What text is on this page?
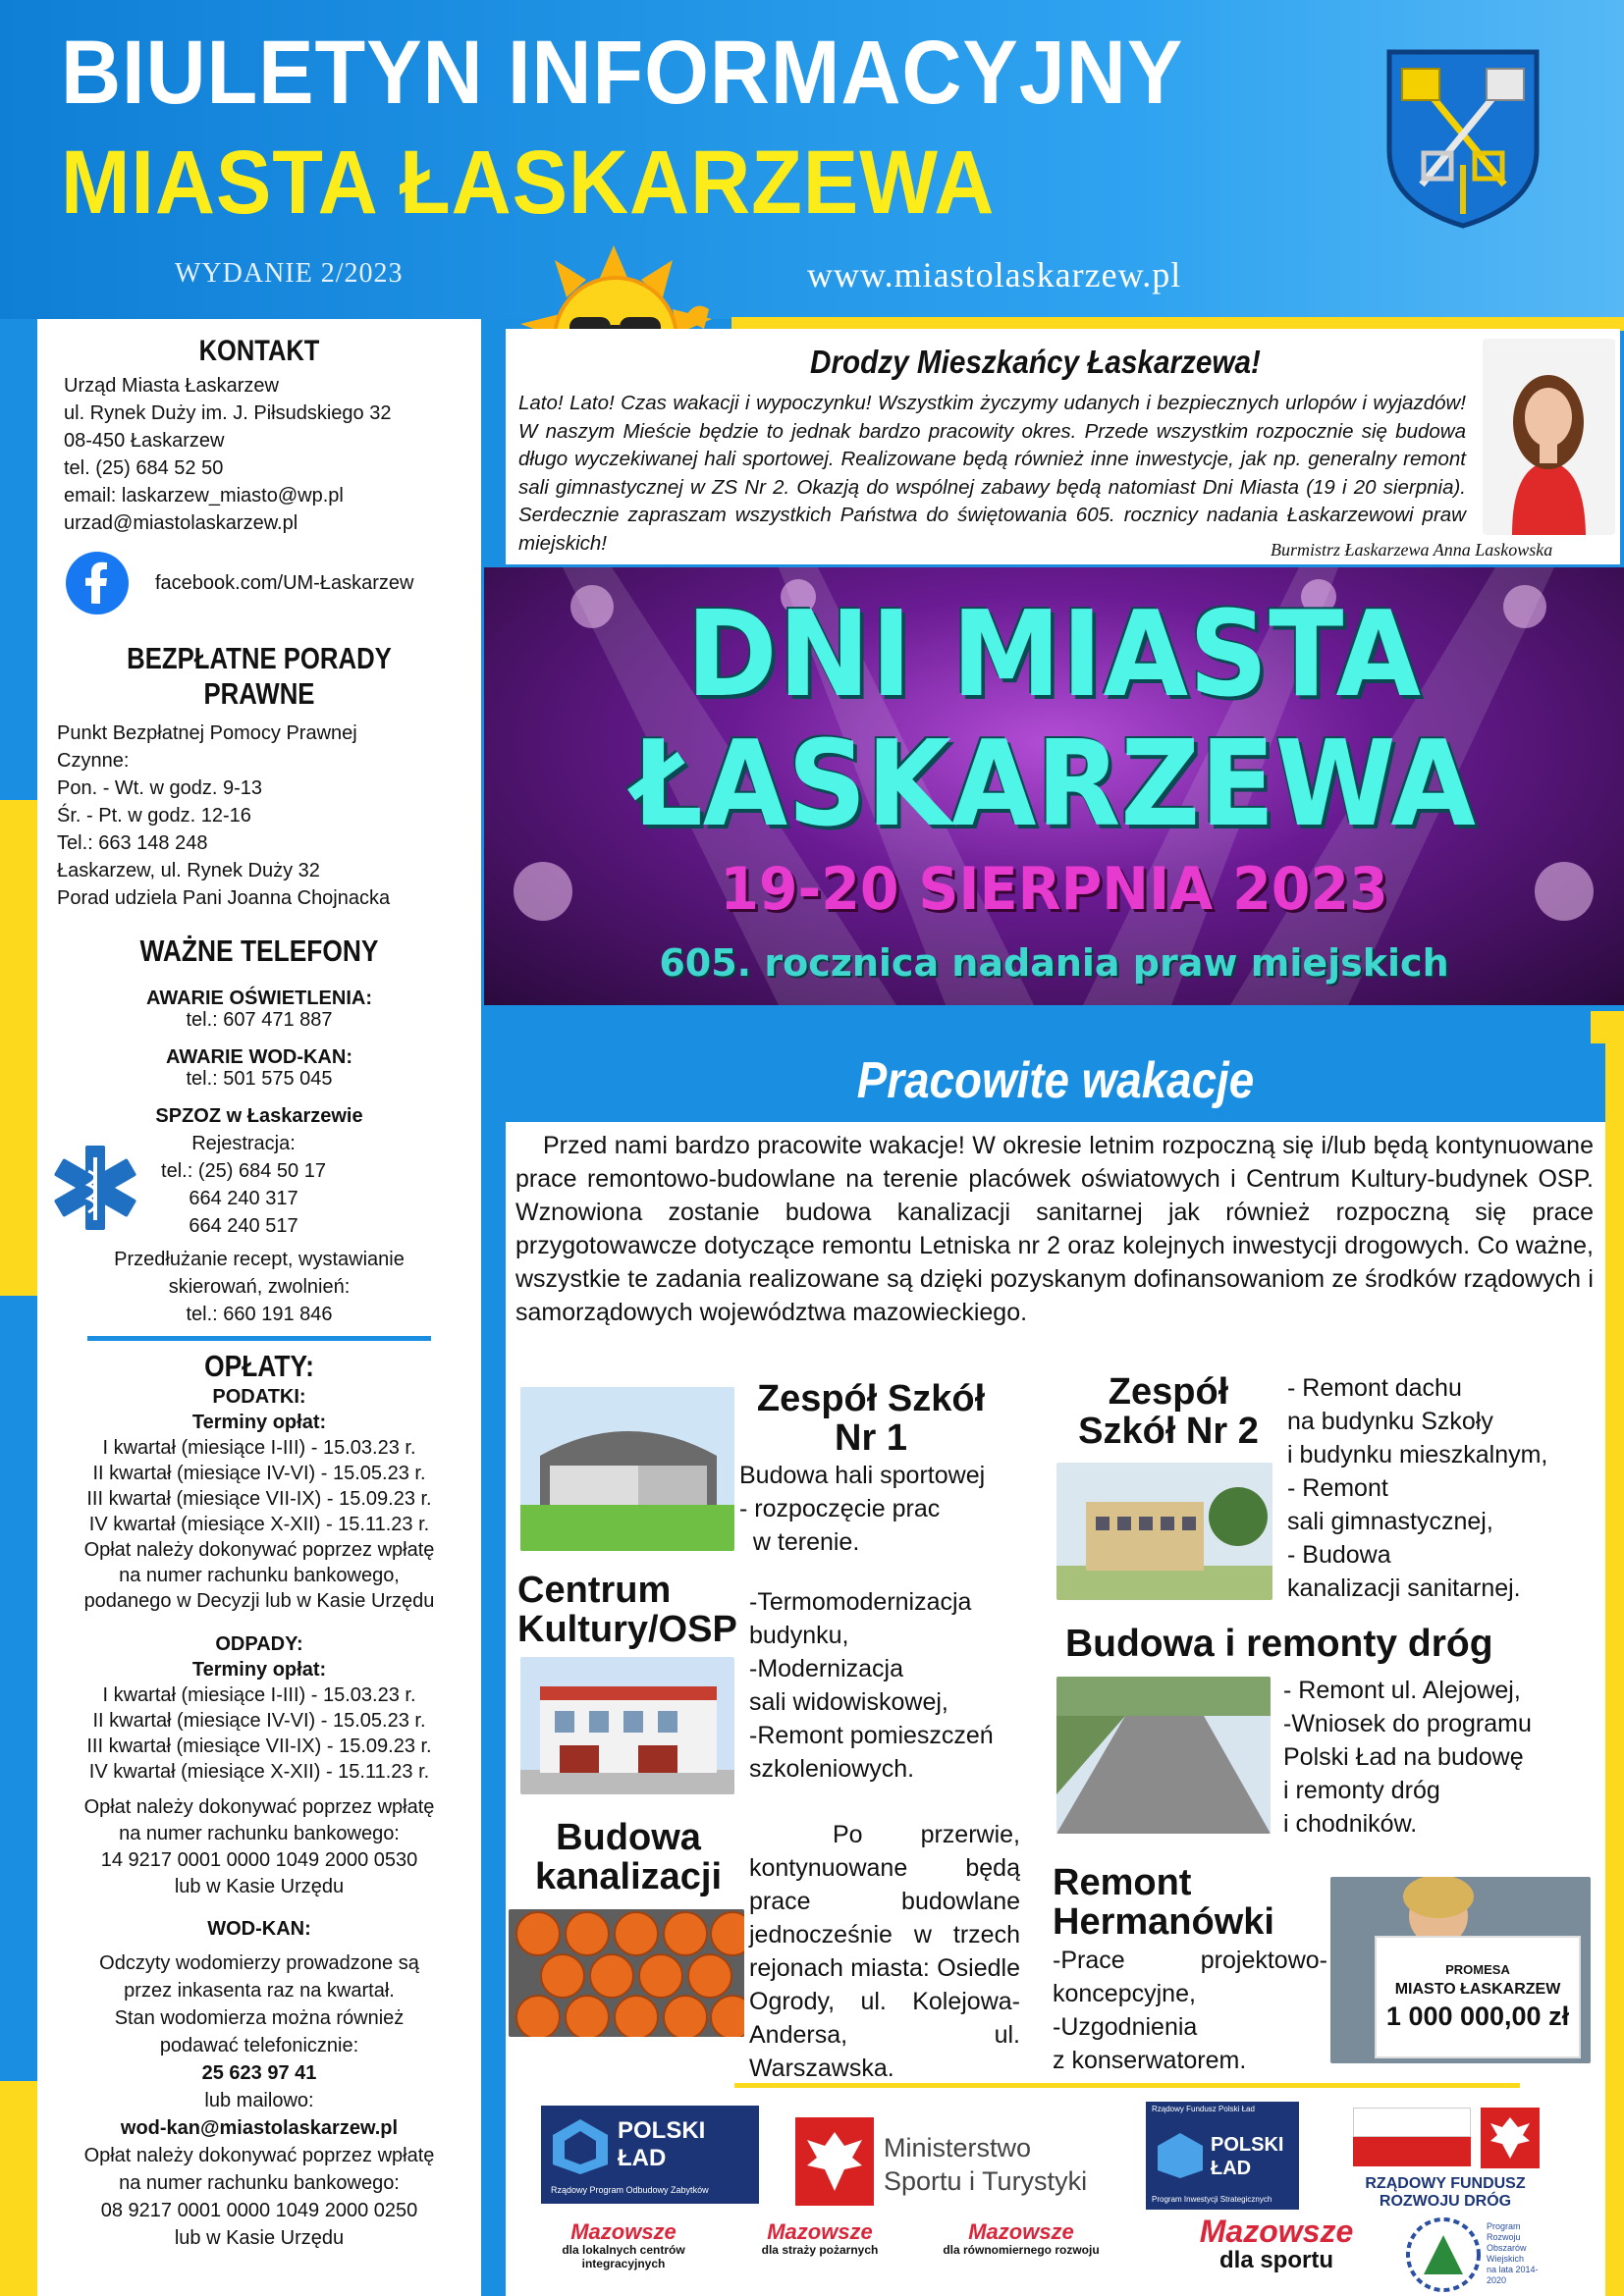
BIULETYN INFORMACYJNY
MIASTA ŁASKARZEWA
WYDANIE 2/2023	www.miastolaskarzew.pl
KONTAKT

Urząd Miasta Łaskarzew

ul. Rynek Duży im. J. Piłsudskiego 32

08-450 Łaskarzew

tel. (25) 684 52 50

email: laskarzew_miasto@wp.pl

urzad@miastolaskarzew.pl

facebook.com/UM-Łaskarzew
BEZPŁATNE PORADY PRAWNE

Punkt Bezpłatnej Pomocy Prawnej

Czynne:

Pon. - Wt. w godz. 9-13

Śr. - Pt. w godz. 12-16

Tel.: 663 148 248

Łaskarzew, ul. Rynek Duży 32

Porad udziela Pani Joanna Chojnacka

WAŻNE TELEFONY

AWARIE OŚWIETLENIA:

tel.: 607 471 887

AWARIE WOD-KAN:

tel.: 501 575 045

SPZOZ w Łaskarzewie

Rejestracja:

tel.: (25) 684 50 17

664 240 317

664 240 517

Przedłużanie recept, wystawianie

skierowań, zwolnień:

tel.: 660 191 846

OPŁATY:

PODATKI:

Terminy opłat:

I kwartał (miesiące I-III) - 15.03.23 r.

II kwartał (miesiące IV-VI) - 15.05.23 r.

III kwartał (miesiące VII-IX) - 15.09.23 r.

IV kwartał (miesiące X-XII) - 15.11.23 r.

Opłat należy dokonywać poprzez wpłatę

na numer rachunku bankowego,

podanego w Decyzji lub w Kasie Urzędu

ODPADY:

Terminy opłat:

I kwartał (miesiące I-III) - 15.03.23 r.

II kwartał (miesiące IV-VI) - 15.05.23 r.

III kwartał (miesiące VII-IX) - 15.09.23 r.

IV kwartał (miesiące X-XII) - 15.11.23 r.

Opłat należy dokonywać poprzez wpłatę

na numer rachunku bankowego:

14 9217 0001 0000 1049 2000 0530

lub w Kasie Urzędu

WOD-KAN:

Odczyty wodomierzy prowadzone są

przez inkasenta raz na kwartał.

Stan wodomierza można również

podawać telefonicznie:

25 623 97 41

lub mailowo:

wod-kan@miastolaskarzew.pl

Opłat należy dokonywać poprzez wpłatę

na numer rachunku bankowego:

08 9217 0001 0000 1049 2000 0250

lub w Kasie Urzędu

Drodzy Mieszkańcy Łaskarzewa!
Lato! Lato! Czas wakacji i wypoczynku! Wszystkim życzymy udanych i bezpiecznych urlopów i wyjazdów! W naszym Mieście będzie to jednak bardzo pracowity okres. Przede wszystkim rozpocznie się budowa długo wyczekiwanej hali sportowej. Realizowane będą również inne inwestycje, jak np. generalny remont sali gimnastycznej w ZS Nr 2. Okazją do wspólnej zabawy będą natomiast Dni Miasta (19 i 20 sierpnia). Serdecznie zapraszam wszystkich Państwa do świętowania 605. rocznicy nadania Łaskarzewowi praw miejskich!	Burmistrz Łaskarzewa Anna Laskowska
DNI MIASTA
ŁASKARZEWA
19-20 SIERPNIA 2023
605. rocznica nadania praw miejskich
Pracowite wakacje
Przed nami bardzo pracowite wakacje! W okresie letnim rozpoczną się i/lub będą kontynuowane prace remontowo-budowlane na terenie placówek oświatowych i Centrum Kultury-budynek OSP. Wznowiona zostanie budowa kanalizacji sanitarnej jak również rozpoczną się prace przygotowawcze dotyczące remontu Letniska nr 2 oraz kolejnych inwestycji drogowych. Co ważne, wszystkie te zadania realizowane są dzięki pozyskanym dofinansowaniom ze środków rządowych i samorządowych województwa mazowieckiego.
Zespół Szkół Nr 1

Budowa hali sportowej

- rozpoczęcie prac

w terenie.

Zespół Szkół Nr 2

- Remont dachu

na budynku Szkoły

i budynku mieszkalnym,

- Remont

sali gimnastycznej,

- Budowa

kanalizacji sanitarnej.

Centrum Kultury/OSP

-Termomodernizacja

budynku,

-Modernizacja

sali widowiskowej,

-Remont pomieszczeń

szkoleniowych.

Budowa i remonty dróg

- Remont ul. Alejowej,

-Wniosek do programu

Polski Ład na budowę

i remonty dróg

i chodników.

Budowa kanalizacji
Po przerwie, kontynuowane będą prace budowlane jednocześnie w trzech rejonach miasta: Osiedle Ogrody, ul. Kolejowa-Andersa, ul. Warszawska.
Remont Hermanówki

-Prace projektowo-

koncepcyjne,

-Uzgodnienia

z konserwatorem.

PROMESA

MIASTO ŁASKARZEW

1 000 000,00 zł

POLSKI

ŁAD

Rządowy Program Odbudowy Zabytków

Ministerstwo

Sportu i Turystyki

Rządowy Fundusz Polski Ład

POLSKI

ŁAD

Program Inwestycji Strategicznych

RZĄDOWY FUNDUSZ

ROZWOJU DRÓG

Mazowsze

dla lokalnych centrów integracyjnych

Mazowsze

dla straży pożarnych

Mazowsze

dla równomiernego rozwoju

Mazowsze

dla sportu

Program

Rozwoju

Obszarów

Wiejskich

na lata 2014-2020
